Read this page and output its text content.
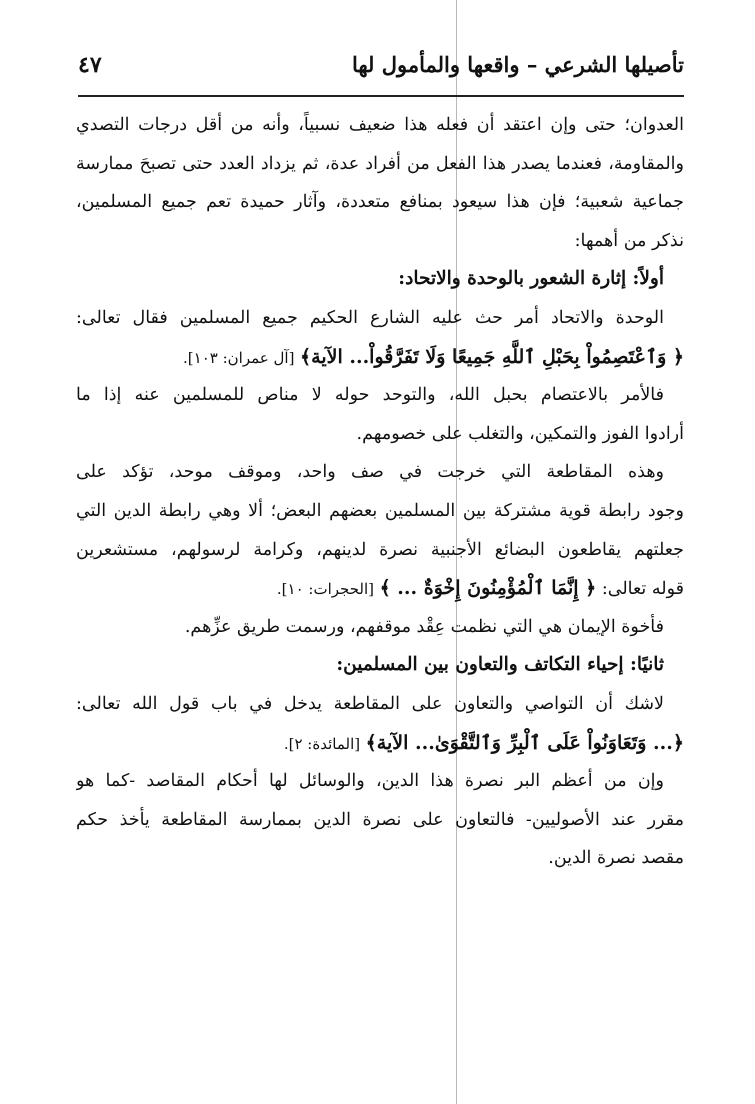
تأصيلها الشرعي – واقعها والمأمول لها
٤٧
العدوان؛ حتى وإن اعتقد أن فعله هذا ضعيف نسبياً، وأنه من أقل درجات التصدي
والمقاومة، فعندما يصدر هذا الفعل من أفراد عدة، ثم يزداد العدد حتى تصبحَ ممارسة
جماعية شعبية؛ فإن هذا سيعود بمنافع متعددة، وآثار حميدة تعم جميع المسلمين،
نذكر من أهمها:
أولاً: إثارة الشعور بالوحدة والاتحاد:
الوحدة والاتحاد أمر حث عليه الشارع الحكيم جميع المسلمين فقال تعالى:
﴿ وَٱعْتَصِمُواْ بِحَبْلِ ٱللَّهِ جَمِيعًا وَلَا تَفَرَّقُواْ... الآية﴾ [آل عمران: ١٠٣].
فالأمر بالاعتصام بحبل الله، والتوحد حوله لا مناص للمسلمين عنه إذا ما
أرادوا الفوز والتمكين، والتغلب على خصومهم.
وهذه المقاطعة التي خرجت في صف واحد، وموقف موحد، تؤكد على
وجود رابطة قوية مشتركة بين المسلمين بعضهم البعض؛ ألا وهي رابطة الدين التي
جعلتهم يقاطعون البضائع الأجنبية نصرة لدينهم، وكرامة لرسولهم، مستشعرين
قوله تعالى: ﴿ إِنَّمَا ٱلْمُؤْمِنُونَ إِخْوَةٌ ... ﴾ [الحجرات: ١٠].
فأخوة الإيمان هي التي نظمت عِقْد موقفهم، ورسمت طريق عزِّهم.
ثانيًا: إحياء التكاتف والتعاون بين المسلمين:
لاشك أن التواصي والتعاون على المقاطعة يدخل في باب قول الله تعالى:
﴿... وَتَعَاوَنُواْ عَلَى ٱلْبِرِّ وَٱلتَّقْوَىٰ... الآية﴾ [المائدة: ٢].
وإن من أعظم البر نصرة هذا الدين، والوسائل لها أحكام المقاصد -كما هو
مقرر عند الأصوليين- فالتعاون على نصرة الدين بممارسة المقاطعة يأخذ حكم
مقصد نصرة الدين.
